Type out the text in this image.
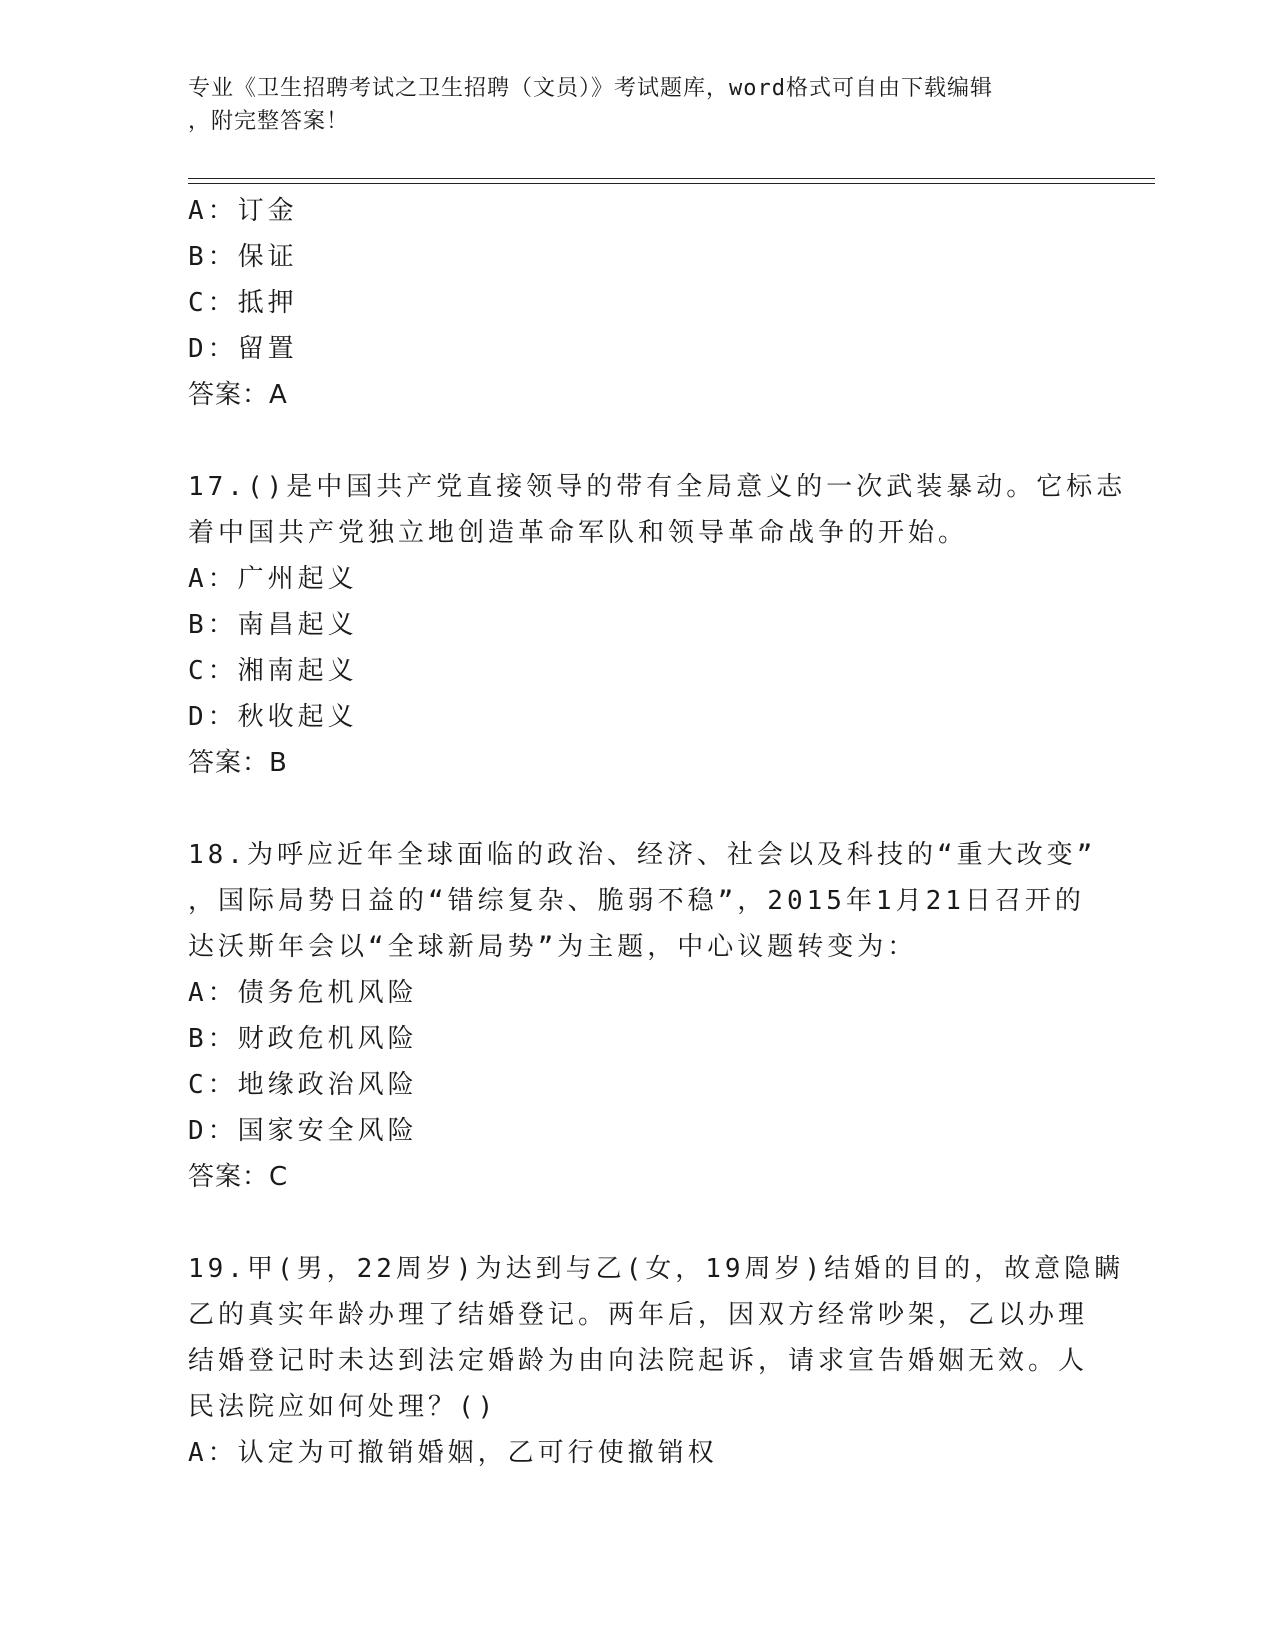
专业《卫生招聘考试之卫生招聘（文员）》考试题库，word格式可自由下载编辑
，附完整答案！
A：订金
B：保证
C：抵押
D：留置
答案：A
17.()是中国共产党直接领导的带有全局意义的一次武装暴动。它标志
着中国共产党独立地创造革命军队和领导革命战争的开始。
A：广州起义
B：南昌起义
C：湘南起义
D：秋收起义
答案：B
18.为呼应近年全球面临的政治、经济、社会以及科技的“重大改变”
，国际局势日益的“错综复杂、脆弱不稳”，2015年1月21日召开的
达沃斯年会以“全球新局势”为主题，中心议题转变为：
A：债务危机风险
B：财政危机风险
C：地缘政治风险
D：国家安全风险
答案：C
19.甲(男，22周岁)为达到与乙(女，19周岁)结婚的目的，故意隐瞒
乙的真实年龄办理了结婚登记。两年后，因双方经常吵架，乙以办理
结婚登记时未达到法定婚龄为由向法院起诉，请求宣告婚姻无效。人
民法院应如何处理？()
A：认定为可撤销婚姻，乙可行使撤销权
